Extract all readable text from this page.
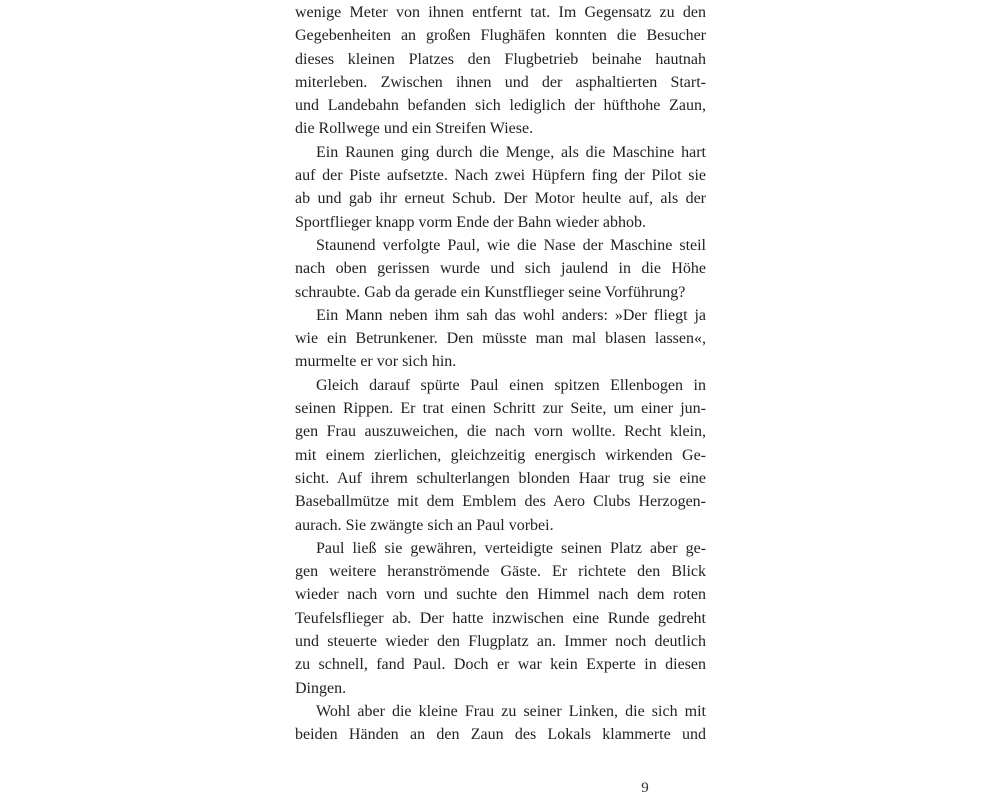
wenige Meter von ihnen entfernt tat. Im Gegensatz zu den
Gegebenheiten an großen Flughäfen konnten die Besucher
dieses kleinen Platzes den Flugbetrieb beinahe hautnah
miterleben. Zwischen ihnen und der asphaltierten Start-
und Landebahn befanden sich lediglich der hüfthohe Zaun,
die Rollwege und ein Streifen Wiese.
Ein Raunen ging durch die Menge, als die Maschine hart
auf der Piste aufsetzte. Nach zwei Hüpfern fing der Pilot sie
ab und gab ihr erneut Schub. Der Motor heulte auf, als der
Sportflieger knapp vorm Ende der Bahn wieder abhob.
Staunend verfolgte Paul, wie die Nase der Maschine steil
nach oben gerissen wurde und sich jaulend in die Höhe
schraubte. Gab da gerade ein Kunstflieger seine Vorführung?
Ein Mann neben ihm sah das wohl anders: »Der fliegt ja
wie ein Betrunkener. Den müsste man mal blasen lassen«,
murmelte er vor sich hin.
Gleich darauf spürte Paul einen spitzen Ellenbogen in
seinen Rippen. Er trat einen Schritt zur Seite, um einer jun-
gen Frau auszuweichen, die nach vorn wollte. Recht klein,
mit einem zierlichen, gleichzeitig energisch wirkenden Ge-
sicht. Auf ihrem schulterlangen blonden Haar trug sie eine
Baseballmütze mit dem Emblem des Aero Clubs Herzogen-
aurach. Sie zwängte sich an Paul vorbei.
Paul ließ sie gewähren, verteidigte seinen Platz aber ge-
gen weitere heranströmende Gäste. Er richtete den Blick
wieder nach vorn und suchte den Himmel nach dem roten
Teufelsflieger ab. Der hatte inzwischen eine Runde gedreht
und steuerte wieder den Flugplatz an. Immer noch deutlich
zu schnell, fand Paul. Doch er war kein Experte in diesen
Dingen.
Wohl aber die kleine Frau zu seiner Linken, die sich mit
beiden Händen an den Zaun des Lokals klammerte und
9
